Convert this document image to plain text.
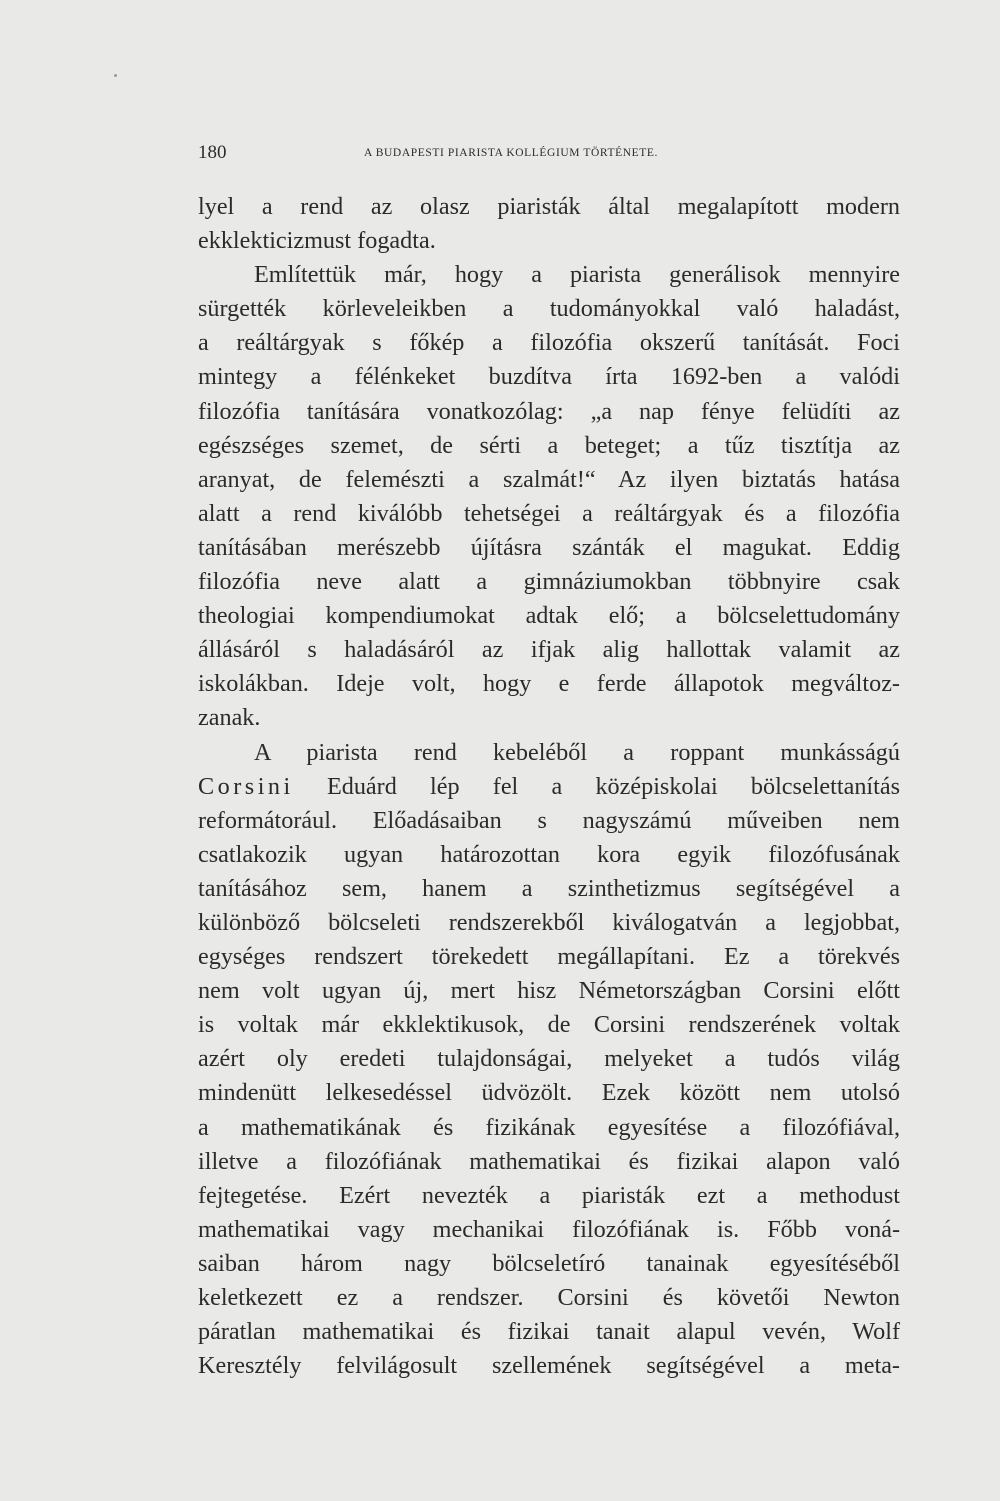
180	A BUDAPESTI PIARISTA KOLLÉGIUM TÖRTÉNETE.
lyel a rend az olasz piaristák által megalapított modern
ekklekticizmust fogadta.
Említettük már, hogy a piarista generálisok mennyire
sürgették körleveleikben a tudományokkal való haladást,
a reáltárgyak s főkép a filozófia okszerű tanítását. Foci
mintegy a félénkeket buzdítva írta 1692-ben a valódi
filozófia tanítására vonatkozólag: „a nap fénye felüdíti az
egészséges szemet, de sérti a beteget; a tűz tisztítja az
aranyat, de felemészti a szalmát!“ Az ilyen biztatás hatása
alatt a rend kiválóbb tehetségei a reáltárgyak és a filozófia
tanításában merészebb újításra szánták el magukat. Eddig
filozófia neve alatt a gimnáziumokban többnyire csak
theologiai kompendiumokat adtak elő; a bölcselettudomány
állásáról s haladásáról az ifjak alig hallottak valamit az
iskolákban. Ideje volt, hogy e ferde állapotok megváltoz-
zanak.
A piarista rend kebeléből a roppant munkásságú
Corsini Eduárd lép fel a középiskolai bölcselettanítás
reformátorául. Előadásaiban s nagyszámú műveiben nem
csatlakozik ugyan határozottan kora egyik filozófusának
tanításához sem, hanem a szinthetizmus segítségével a
különböző bölcseleti rendszerekből kiválogatván a legjobbat,
egységes rendszert törekedett megállapítani. Ez a törekvés
nem volt ugyan új, mert hisz Németországban Corsini előtt
is voltak már ekklektikusok, de Corsini rendszerének voltak
azért oly eredeti tulajdonságai, melyeket a tudós világ
mindenütt lelkesedéssel üdvözölt. Ezek között nem utolsó
a mathematikának és fizikának egyesítése a filozófiával,
illetve a filozófiának mathematikai és fizikai alapon való
fejtegetése. Ezért nevezték a piaristák ezt a methodust
mathematikai vagy mechanikai filozófiának is. Főbb voná-
saiban három nagy bölcseletíró tanainak egyesítéséből
keletkezett ez a rendszer. Corsini és követői Newton
páratlan mathematikai és fizikai tanait alapul vevén, Wolf
Keresztély felvilágosult szellemének segítségével a meta-
